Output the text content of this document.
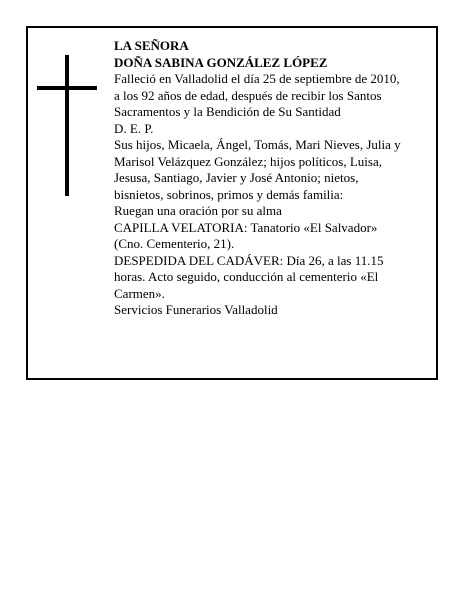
LA SEÑORA
DOÑA SABINA GONZÁLEZ LÓPEZ
Falleció en Valladolid el día 25 de septiembre de 2010,
a los 92 años de edad, después de recibir los Santos
Sacramentos y la Bendición de Su Santidad
D. E. P.
Sus hijos, Micaela, Ángel, Tomás, Mari Nieves, Julia y
Marisol Velázquez González; hijos políticos, Luisa,
Jesusa, Santiago, Javier y José Antonio; nietos,
bisnietos, sobrinos, primos y demás familia:
Ruegan una oración por su alma
CAPILLA VELATORIA: Tanatorio «El Salvador»
(Cno. Cementerio, 21).
DESPEDIDA DEL CADÁVER: Día 26, a las 11.15
horas. Acto seguido, conducción al cementerio «El
Carmen».
Servicios Funerarios Valladolid
